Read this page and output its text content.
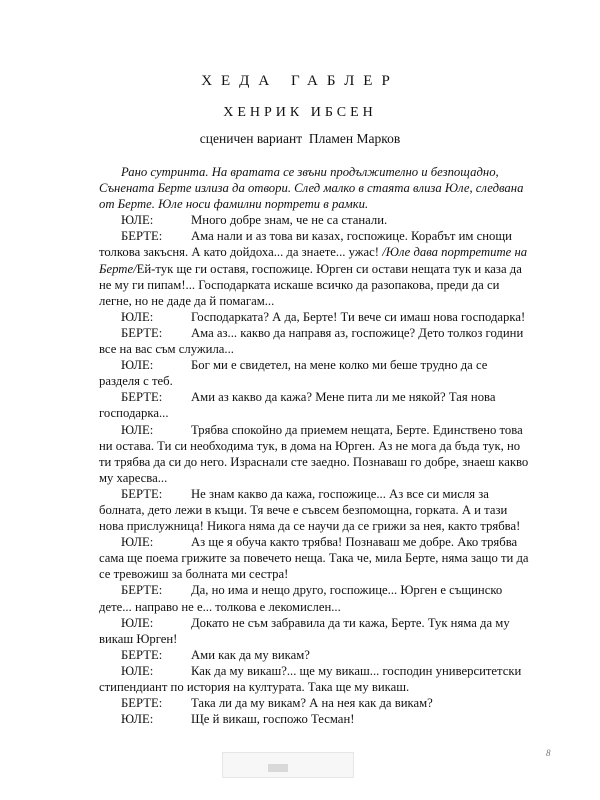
ХЕДА ГАБЛЕР
ХЕНРИК ИБСЕН
сценичен вариант  Пламен Марков

Рано сутринта. На вратата се звъни продължително и безпощадно, Сънената Берте излиза да отвори. След малко в стаята влиза Юле, следвана от Берте. Юле носи фамилни портрети в рамки.

ЮЛЕ:	Много добре знам, че не са станали.

БЕРТЕ: Ама нали и аз това ви казах, госпожице. Корабът им снощи толкова закъсня. А като дойдоха... да знаете... ужас! /Юле дава портретите на Берте/Ей-тук ще ги оставя, госпожице. Юрген си остави нещата тук и каза да не му ги пипам!... Господарката искаше всичко да разопакова, преди да си легне, но не даде да й помагам...

ЮЛЕ:	Господарката? А да, Берте! Ти вече си имаш нова господарка!

БЕРТЕ: Ама аз... какво да направя аз, госпожице? Дето толкоз години все на вас съм служила...

ЮЛЕ:	Бог ми е свидетел, на мене колко ми беше трудно да се разделя с теб.

БЕРТЕ: Ами аз какво да кажа? Мене пита ли ме някой? Тая нова господарка...

ЮЛЕ:	Трябва спокойно да приемем нещата, Берте. Единствено това ни остава. Ти си необходима тук, в дома на Юрген. Аз не мога да бъда тук, но ти трябва да си до него. Израснали сте заедно. Познаваш го добре, знаеш какво му харесва...

БЕРТЕ: Не знам какво да кажа, госпожице... Аз все си мисля за болната, дето лежи в къщи. Тя вече е съвсем безпомощна, горката. А и тази нова прислужница! Никога няма да се научи да се грижи за нея, както трябва!

ЮЛЕ:	Аз ще я обуча както трябва! Познаваш ме добре. Ако трябва сама ще поема грижите за повечето неща. Така че, мила Берте, няма защо ти да се тревожиш за болната ми сестра!

БЕРТЕ: Да, но има и нещо друго, госпожице... Юрген е същинско дете... направо не е... толкова е лекомислен...

ЮЛЕ:	Докато не съм забравила да ти кажа, Берте. Тук няма да му викаш Юрген!

БЕРТЕ: Ами как да му викам?

ЮЛЕ:	Как да му викаш?... ще му викаш... господин университетски стипендиант по история на културата. Така ще му викаш.

БЕРТЕ: Така ли да му викам? А на нея как да викам?

ЮЛЕ:	Ще й викаш, госпожо Тесман!

8
